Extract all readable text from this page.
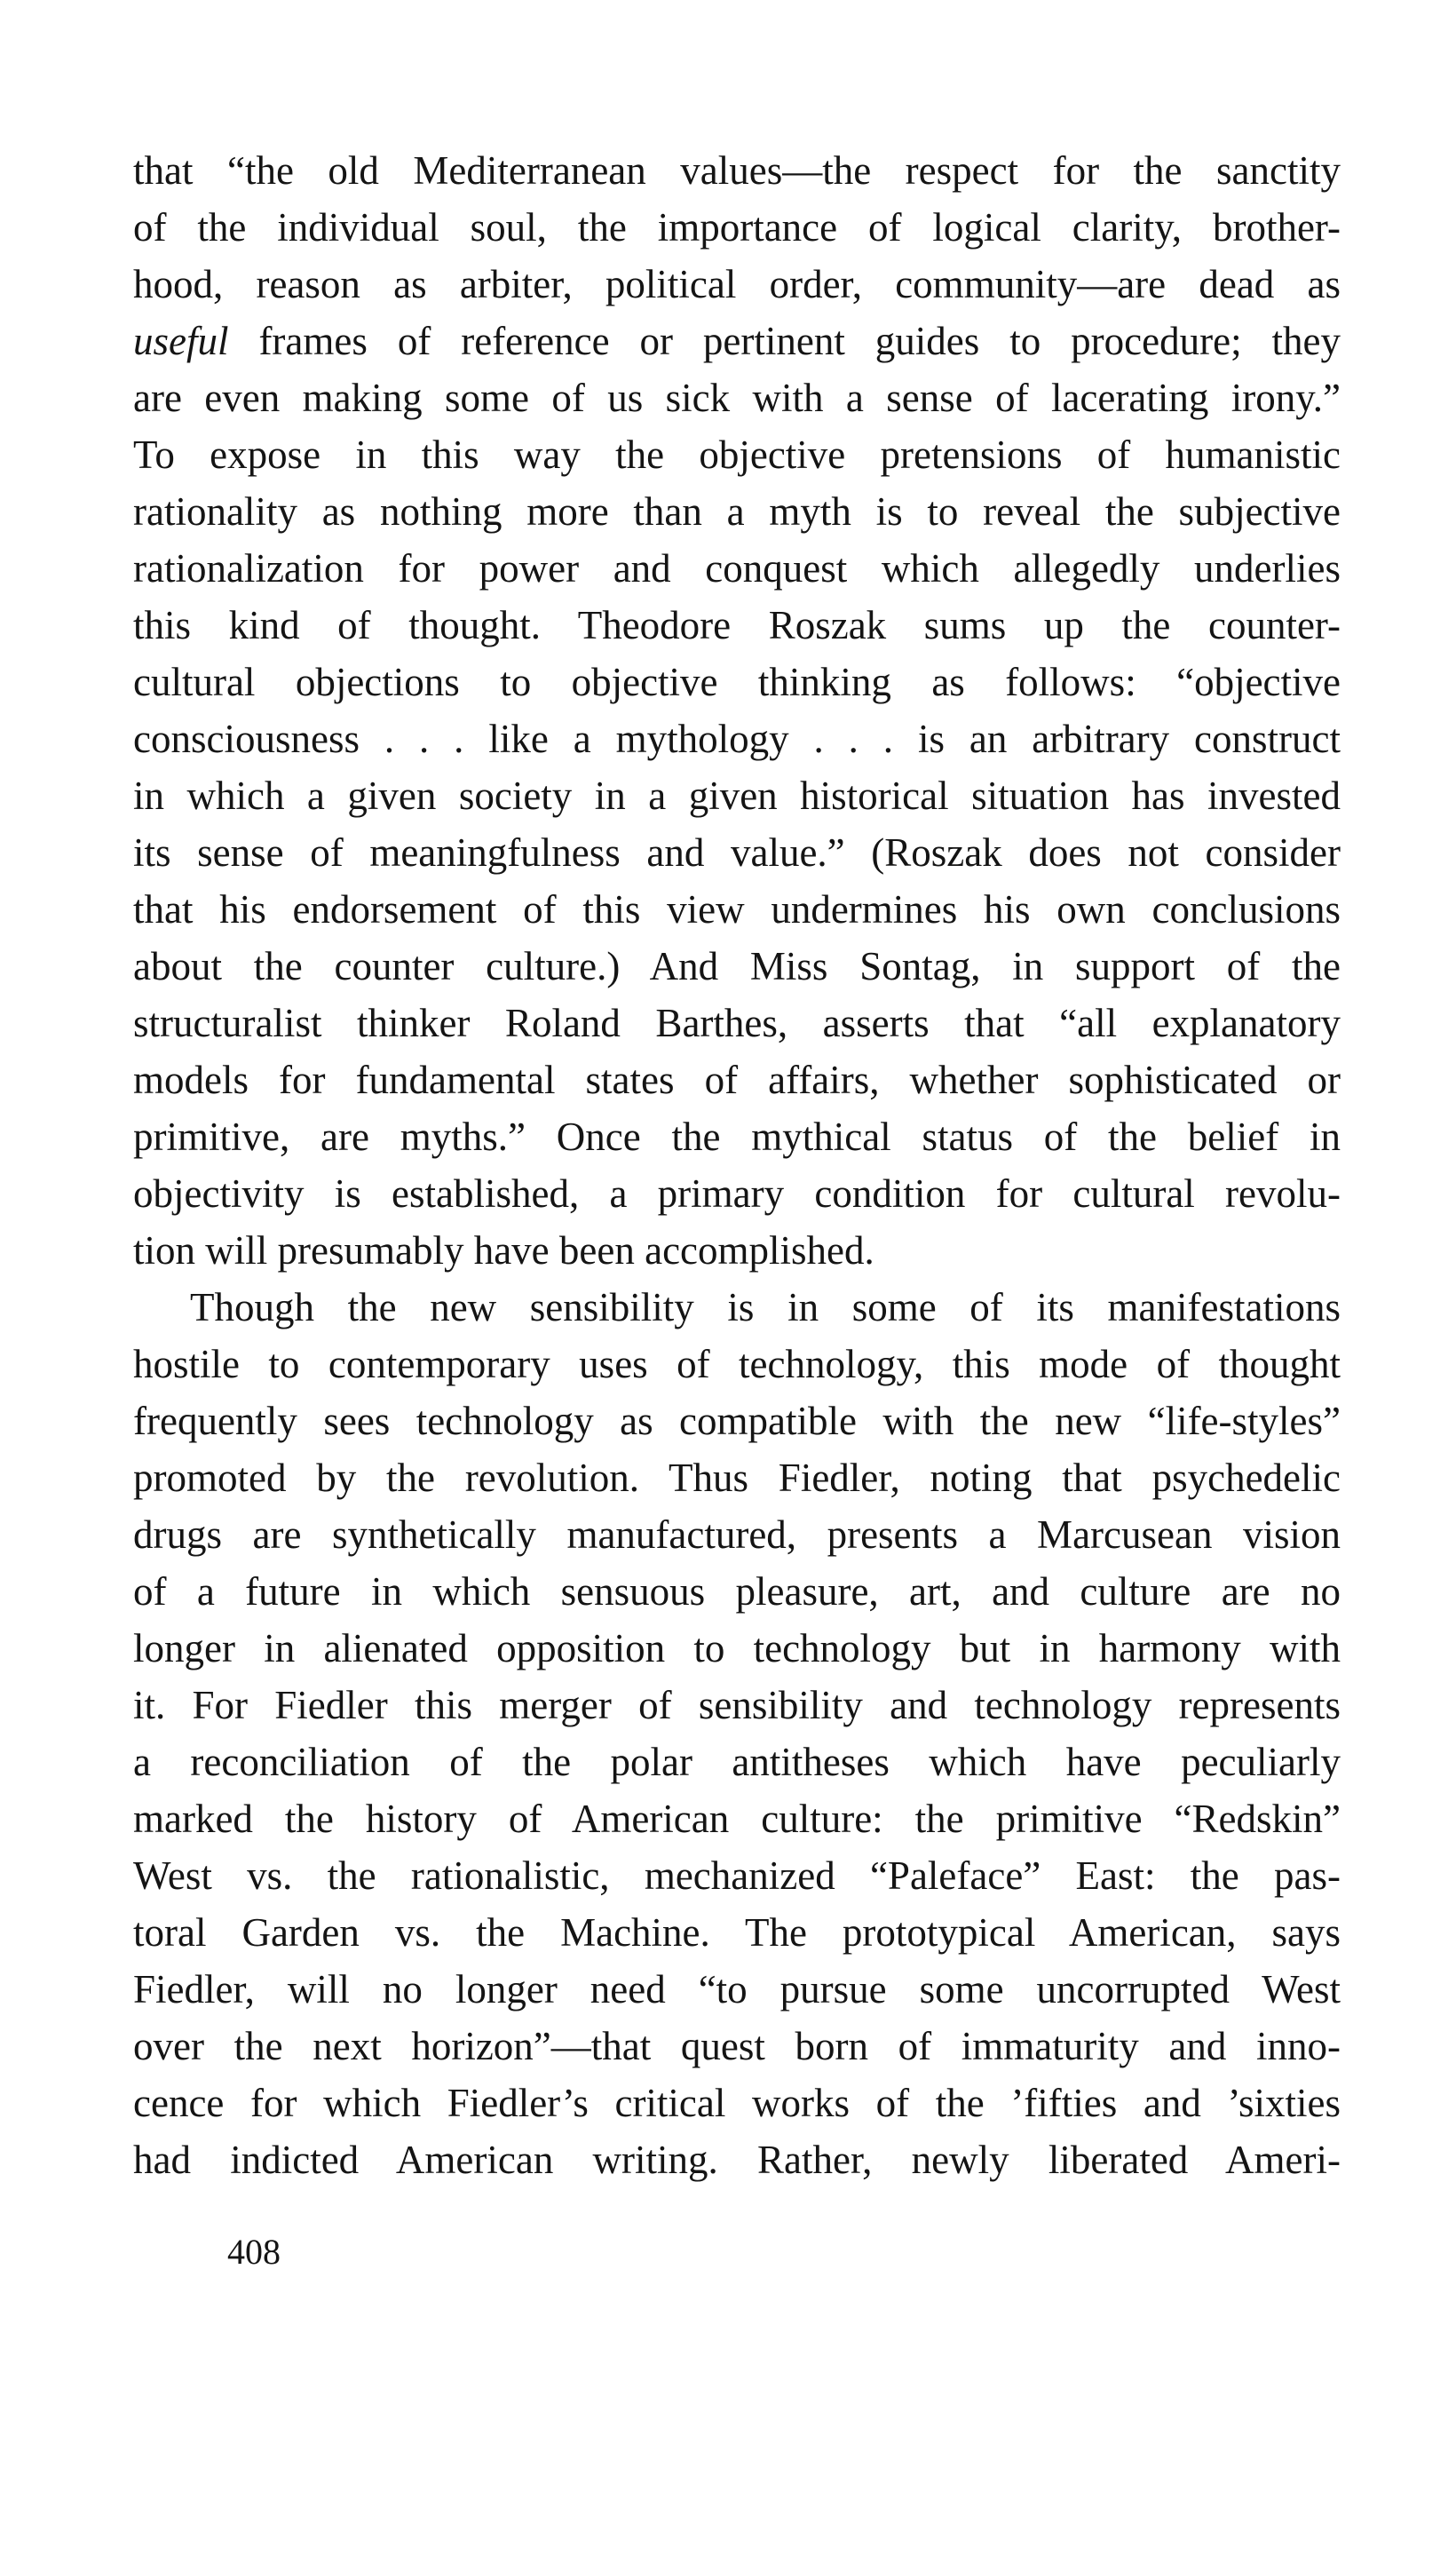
that “the old Mediterranean values—the respect for the sanctity
of the individual soul, the importance of logical clarity, brother-
hood, reason as arbiter, political order, community—are dead as
useful frames of reference or pertinent guides to procedure; they
are even making some of us sick with a sense of lacerating irony.”
To expose in this way the objective pretensions of humanistic
rationality as nothing more than a myth is to reveal the subjective
rationalization for power and conquest which allegedly underlies
this kind of thought. Theodore Roszak sums up the counter-
cultural objections to objective thinking as follows: “objective
consciousness . . . like a mythology . . . is an arbitrary construct
in which a given society in a given historical situation has invested
its sense of meaningfulness and value.” (Roszak does not consider
that his endorsement of this view undermines his own conclusions
about the counter culture.) And Miss Sontag, in support of the
structuralist thinker Roland Barthes, asserts that “all explanatory
models for fundamental states of affairs, whether sophisticated or
primitive, are myths.” Once the mythical status of the belief in
objectivity is established, a primary condition for cultural revolu-
tion will presumably have been accomplished.
Though the new sensibility is in some of its manifestations
hostile to contemporary uses of technology, this mode of thought
frequently sees technology as compatible with the new “life-styles”
promoted by the revolution. Thus Fiedler, noting that psychedelic
drugs are synthetically manufactured, presents a Marcusean vision
of a future in which sensuous pleasure, art, and culture are no
longer in alienated opposition to technology but in harmony with
it. For Fiedler this merger of sensibility and technology represents
a reconciliation of the polar antitheses which have peculiarly
marked the history of American culture: the primitive “Redskin”
West vs. the rationalistic, mechanized “Paleface” East: the pas-
toral Garden vs. the Machine. The prototypical American, says
Fiedler, will no longer need “to pursue some uncorrupted West
over the next horizon”—that quest born of immaturity and inno-
cence for which Fiedler’s critical works of the ’fifties and ’sixties
had indicted American writing. Rather, newly liberated Ameri-
408
